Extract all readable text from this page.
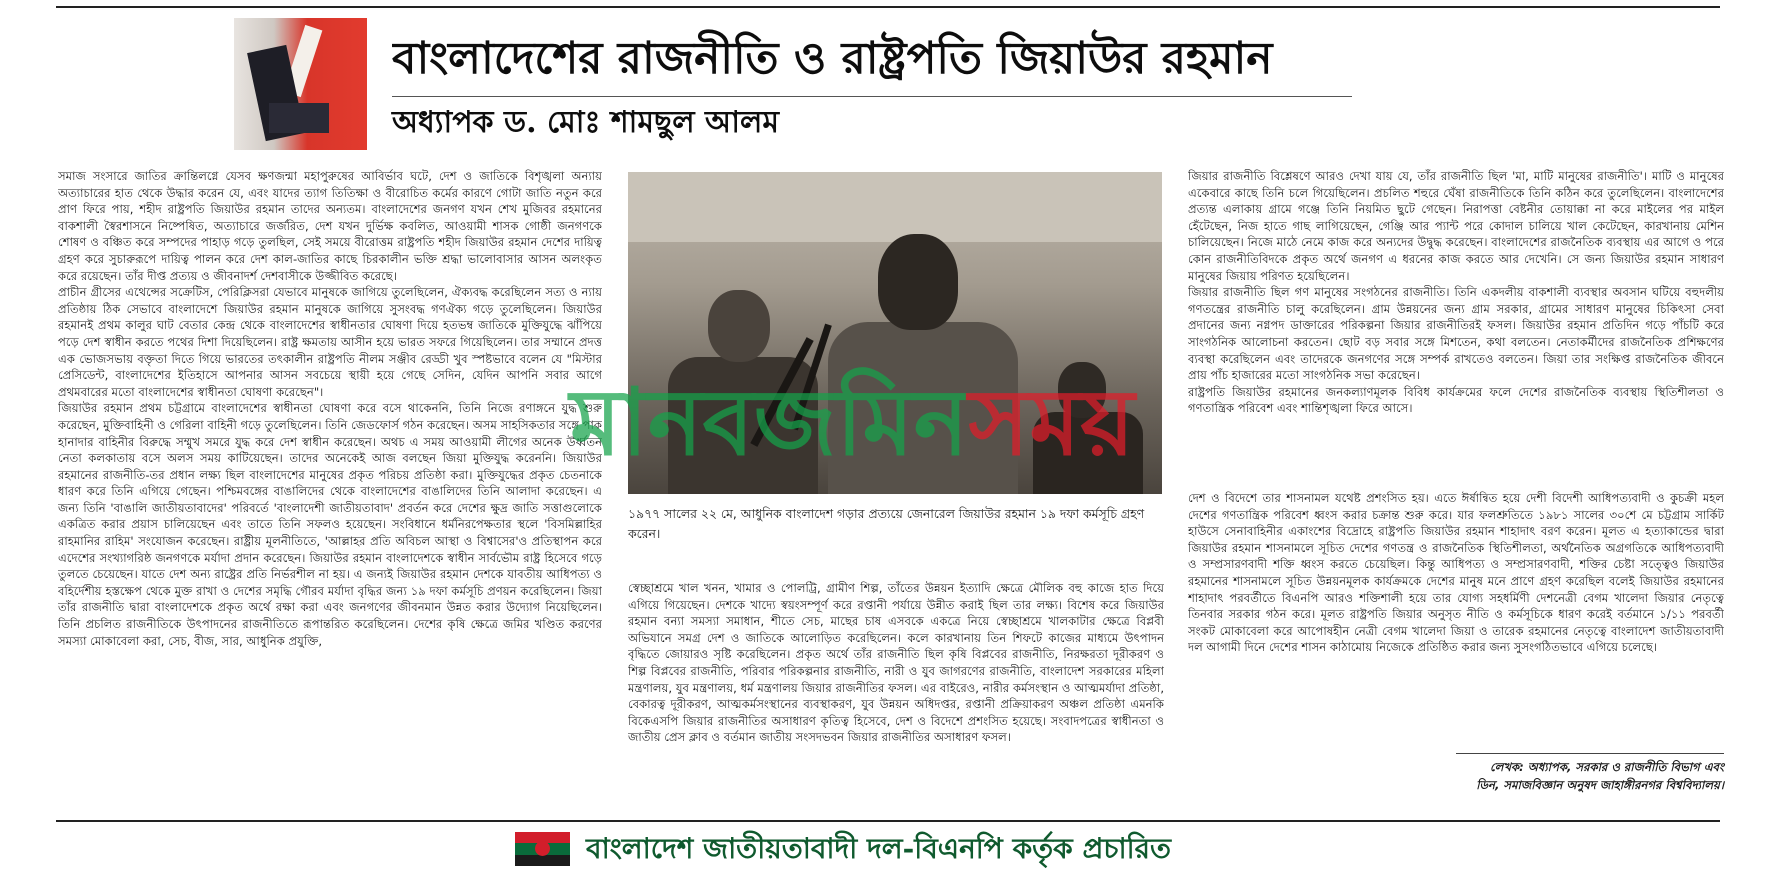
বাংলাদেশের রাজনীতি ও রাষ্ট্রপতি জিয়াউর রহমান
অধ্যাপক ড. মোঃ শামছুল আলম

সমাজ সংসারে জাতির ক্রান্তিলগ্নে যেসব ক্ষণজন্মা মহাপুরুষের আবির্ভাব ঘটে, দেশ ও জাতিকে বিশৃঙ্খলা অন্যায় অত্যাচারের হাত থেকে উদ্ধার করেন যে, এবং যাদের ত্যাগ তিতিক্ষা ও বীরোচিত কর্মের কারণে গোটা জাতি নতুন করে প্রাণ ফিরে পায়, শহীদ রাষ্ট্রপতি জিয়াউর রহমান তাদের অন্যতম। বাংলাদেশের জনগণ যখন শেখ মুজিবর রহমানের বাকশালী স্বৈরশাসনে নিষ্পেষিত, অত্যাচারে জর্জরিত, দেশ যখন দুর্ভিক্ষ কবলিত, আওয়ামী শাসক গোষ্ঠী জনগণকে শোষণ ও বঞ্চিত করে সম্পদের পাহাড় গড়ে তুলছিল, সেই সময়ে বীরোত্তম রাষ্ট্রপতি শহীদ জিয়াউর রহমান দেশের দায়িত্ব গ্রহণ করে সুচারুরূপে দায়িত্ব পালন করে দেশ কাল-জাতির কাছে চিরকালীন ভক্তি শ্রদ্ধা ভালোবাসার আসন অলংকৃত করে রয়েছেন। তাঁর দীপ্ত প্রত্যয় ও জীবনাদর্শ দেশবাসীকে উজ্জীবিত করেছে।

প্রাচীন গ্রীসের এথেন্সের সক্রেটিস, পেরিক্লিসরা যেভাবে মানুষকে জাগিয়ে তুলেছিলেন, ঐক্যবদ্ধ করেছিলেন সত্য ও ন্যায় প্রতিষ্ঠায় ঠিক সেভাবে বাংলাদেশে জিয়াউর রহমান মানুষকে জাগিয়ে সুসংবদ্ধ গণঐক্য গড়ে তুলেছিলেন। জিয়াউর রহমানই প্রথম কালুর ঘাট বেতার কেন্দ্র থেকে বাংলাদেশের স্বাধীনতার ঘোষণা দিয়ে হতভম্ব জাতিকে মুক্তিযুদ্ধে ঝাঁপিয়ে পড়ে দেশ স্বাধীন করতে পথের দিশা দিয়েছিলেন। রাষ্ট্র ক্ষমতায় আসীন হয়ে ভারত সফরে গিয়েছিলেন। তার সম্মানে প্রদত্ত এক ভোজসভায় বক্তৃতা দিতে গিয়ে ভারতের তৎকালীন রাষ্ট্রপতি নীলম সঞ্জীব রেড্ডী খুব স্পষ্টভাবে বলেন যে "মিস্টার প্রেসিডেন্ট, বাংলাদেশের ইতিহাসে আপনার আসন সবচেয়ে স্থায়ী হয়ে গেছে সেদিন, যেদিন আপনি সবার আগে প্রথমবারের মতো বাংলাদেশের স্বাধীনতা ঘোষণা করেছেন"।

জিয়াউর রহমান প্রথম চট্টগ্রামে বাংলাদেশের স্বাধীনতা ঘোষণা করে বসে থাকেননি, তিনি নিজে রণাঙ্গনে যুদ্ধ শুরু করেছেন, মুক্তিবাহিনী ও গেরিলা বাহিনী গড়ে তুলেছিলেন। তিনি জেডফোর্স গঠন করেছেন। অসম সাহসিকতার সঙ্গে পাক হানাদার বাহিনীর বিরুদ্ধে সম্মুখ সমরে যুদ্ধ করে দেশ স্বাধীন করেছেন। অথচ এ সময় আওয়ামী লীগের অনেক উর্ধ্বতন নেতা কলকাতায় বসে অলস সময় কাটিয়েছেন। তাদের অনেকেই আজ বলছেন জিয়া মুক্তিযুদ্ধ করেননি। জিয়াউর রহমানের রাজনীতি-তর প্রধান লক্ষ্য ছিল বাংলাদেশের মানুষের প্রকৃত পরিচয় প্রতিষ্ঠা করা। মুক্তিযুদ্ধের প্রকৃত চেতনাকে ধারণ করে তিনি এগিয়ে গেছেন। পশ্চিমবঙ্গের বাঙালিদের থেকে বাংলাদেশের বাঙালিদের তিনি আলাদা করেছেন। এ জন্য তিনি 'বাঙালি জাতীয়তাবাদের' পরিবর্তে 'বাংলাদেশী জাতীয়তাবাদ' প্রবর্তন করে দেশের ক্ষুদ্র জাতি সত্তাগুলোকে একত্রিত করার প্রয়াস চালিয়েছেন এবং তাতে তিনি সফলও হয়েছেন। সংবিধানে ধর্মনিরপেক্ষতার স্থলে 'বিসমিল্লাহির রাহমানির রাহিম' সংযোজন করেছেন। রাষ্ট্রীয় মূলনীতিতে, 'আল্লাহর প্রতি অবিচল আস্থা ও বিশ্বাসের'ও প্রতিস্থাপন করে এদেশের সংখ্যাগরিষ্ঠ জনগণকে মর্যাদা প্রদান করেছেন। জিয়াউর রহমান বাংলাদেশকে স্বাধীন সার্বভৌম রাষ্ট্র হিসেবে গড়ে তুলতে চেয়েছেন। যাতে দেশ অন্য রাষ্ট্রের প্রতি নির্ভরশীল না হয়। এ জন্যই জিয়াউর রহমান দেশকে যাবতীয় আধিপত্য ও বহির্দেশীয় হস্তক্ষেপ থেকে মুক্ত রাখা ও দেশের সমৃদ্ধি গৌরব মর্যাদা বৃদ্ধির জন্য ১৯ দফা কর্মসূচি প্রণয়ন করেছিলেন। জিয়া তাঁর রাজনীতি দ্বারা বাংলাদেশকে প্রকৃত অর্থে রক্ষা করা এবং জনগণের জীবনমান উন্নত করার উদ্যোগ নিয়েছিলেন। তিনি প্রচলিত রাজনীতিকে উৎপাদনের রাজনীতিতে রূপান্তরিত করেছিলেন। দেশের কৃষি ক্ষেত্রে জমির খণ্ডিত করণের সমস্যা মোকাবেলা করা, সেচ, বীজ, সার, আধুনিক প্রযুক্তি,

১৯৭৭ সালের ২২ মে, আধুনিক বাংলাদেশ গড়ার প্রত্যয়ে জেনারেল জিয়াউর রহমান ১৯ দফা কর্মসূচি গ্রহণ করেন।

স্বেচ্ছাশ্রমে খাল খনন, খামার ও পোলট্রি, গ্রামীণ শিল্প, তাঁতের উন্নয়ন ইত্যাদি ক্ষেত্রে মৌলিক বহু কাজে হাত দিয়ে এগিয়ে গিয়েছেন। দেশকে খাদ্যে স্বয়ংসম্পূর্ণ করে রপ্তানী পর্যায়ে উন্নীত করাই ছিল তার লক্ষ্য। বিশেষ করে জিয়াউর রহমান বন্যা সমস্যা সমাধান, শীতে সেচ, মাছের চাষ এসবকে একত্রে নিয়ে স্বেচ্ছাশ্রমে খালকাটার ক্ষেত্রে বিপ্লবী অভিযানে সমগ্র দেশ ও জাতিকে আলোড়িত করেছিলেন। কলে কারখানায় তিন শিফটে কাজের মাধ্যমে উৎপাদন বৃদ্ধিতে জোয়ারও সৃষ্টি করেছিলেন। প্রকৃত অর্থে তাঁর রাজনীতি ছিল কৃষি বিপ্লবের রাজনীতি, নিরক্ষরতা দূরীকরণ ও শিল্প বিপ্লবের রাজনীতি, পরিবার পরিকল্পনার রাজনীতি, নারী ও যুব জাগরণের রাজনীতি, বাংলাদেশ সরকারের মহিলা মন্ত্রণালয়, যুব মন্ত্রণালয়, ধর্ম মন্ত্রণালয় জিয়ার রাজনীতির ফসল। এর বাইরেও, নারীর কর্মসংস্থান ও আত্মমর্যাদা প্রতিষ্ঠা, বেকারত্ব দূরীকরণ, আত্মকর্মসংস্থানের ব্যবস্থাকরণ, যুব উন্নয়ন অধিদপ্তর, রপ্তানী প্রক্রিয়াকরণ অঞ্চল প্রতিষ্ঠা এমনকি বিকেএসপি জিয়ার রাজনীতির অসাধারণ কৃতিত্ব হিসেবে, দেশ ও বিদেশে প্রশংসিত হয়েছে। সংবাদপত্রের স্বাধীনতা ও জাতীয় প্রেস ক্লাব ও বর্তমান জাতীয় সংসদভবন জিয়ার রাজনীতির অসাধারণ ফসল।

জিয়ার রাজনীতি বিশ্লেষণে আরও দেখা যায় যে, তাঁর রাজনীতি ছিল 'মা, মাটি মানুষের রাজনীতি'। মাটি ও মানুষের একেবারে কাছে তিনি চলে গিয়েছিলেন। প্রচলিত শহুরে ঘেঁষা রাজনীতিকে তিনি কঠিন করে তুলেছিলেন। বাংলাদেশের প্রত্যন্ত এলাকায় গ্রামে গঞ্জে তিনি নিয়মিত ছুটে গেছেন। নিরাপত্তা বেষ্টনীর তোয়াক্কা না করে মাইলের পর মাইল হেঁটেছেন, নিজ হাতে গাছ লাগিয়েছেন, গেঞ্জি আর প্যান্ট পরে কোদাল চালিয়ে খাল কেটেছেন, কারখানায় মেশিন চালিয়েছেন। নিজে মাঠে নেমে কাজ করে অন্যদের উদ্বুদ্ধ করেছেন। বাংলাদেশের রাজনৈতিক ব্যবস্থায় এর আগে ও পরে কোন রাজনীতিবিদকে প্রকৃত অর্থে জনগণ এ ধরনের কাজ করতে আর দেখেনি। সে জন্য জিয়াউর রহমান সাধারণ মানুষের জিয়ায় পরিণত হয়েছিলেন।

জিয়ার রাজনীতি ছিল গণ মানুষের সংগঠনের রাজনীতি। তিনি একদলীয় বাকশালী ব্যবস্থার অবসান ঘটিয়ে বহুদলীয় গণতন্ত্রের রাজনীতি চালু করেছিলেন। গ্রাম উন্নয়নের জন্য গ্রাম সরকার, গ্রামের সাধারণ মানুষের চিকিৎসা সেবা প্রদানের জন্য নগ্নপদ ডাক্তারের পরিকল্পনা জিয়ার রাজনীতিরই ফসল। জিয়াউর রহমান প্রতিদিন গড়ে পাঁচটি করে সাংগঠনিক আলোচনা করতেন। ছোট বড় সবার সঙ্গে মিশতেন, কথা বলতেন। নেতাকর্মীদের রাজনৈতিক প্রশিক্ষণের ব্যবস্থা করেছিলেন এবং তাদেরকে জনগণের সঙ্গে সম্পর্ক রাখতেও বলতেন। জিয়া তার সংক্ষিপ্ত রাজনৈতিক জীবনে প্রায় পাঁচ হাজারের মতো সাংগঠনিক সভা করেছেন।

রাষ্ট্রপতি জিয়াউর রহমানের জনকল্যাণমূলক বিবিধ কার্যক্রমের ফলে দেশের রাজনৈতিক ব্যবস্থায় স্থিতিশীলতা ও গণতান্ত্রিক পরিবেশ এবং শান্তিশৃঙ্খলা ফিরে আসে।

দেশ ও বিদেশে তার শাসনামল যথেষ্ট প্রশংসিত হয়। এতে ঈর্ষান্বিত হয়ে দেশী বিদেশী আধিপত্যবাদী ও কুচক্রী মহল দেশের গণতান্ত্রিক পরিবেশ ধ্বংস করার চক্রান্ত শুরু করে। যার ফলশ্রুতিতে ১৯৮১ সালের ৩০শে মে চট্টগ্রাম সার্কিট হাউসে সেনাবাহিনীর একাংশের বিদ্রোহে রাষ্ট্রপতি জিয়াউর রহমান শাহাদাৎ বরণ করেন। মূলত এ হত্যাকান্ডের দ্বারা জিয়াউর রহমান শাসনামলে সূচিত দেশের গণতন্ত্র ও রাজনৈতিক স্থিতিশীলতা, অর্থনৈতিক অগ্রগতিকে আধিপত্যবাদী ও সম্প্রসারণবাদী শক্তি ধ্বংস করতে চেয়েছিল। কিন্তু আধিপত্য ও সম্প্রসারণবাদী, শক্তির চেষ্টা সত্ত্বেও জিয়াউর রহমানের শাসনামলে সূচিত উন্নয়নমূলক কার্যক্রমকে দেশের মানুষ মনে প্রাণে গ্রহণ করেছিল বলেই জিয়াউর রহমানের শাহাদাৎ পরবর্তীতে বিএনপি আরও শক্তিশালী হয়ে তার যোগ্য সহধর্মিণী দেশনেত্রী বেগম খালেদা জিয়ার নেতৃত্বে তিনবার সরকার গঠন করে। মূলত রাষ্ট্রপতি জিয়ার অনুসৃত নীতি ও কর্মসূচিকে ধারণ করেই বর্তমানে ১/১১ পরবর্তী সংকট মোকাবেলা করে আপোষহীন নেত্রী বেগম খালেদা জিয়া ও তারেক রহমানের নেতৃত্বে বাংলাদেশ জাতীয়তাবাদী দল আগামী দিনে দেশের শাসন কাঠামোয় নিজেকে প্রতিষ্ঠিত করার জন্য সুসংগঠিতভাবে এগিয়ে চলেছে।

মানবজমিনসময়
লেখক: অধ্যাপক, সরকার ও রাজনীতি বিভাগ এবং
ডিন, সমাজবিজ্ঞান অনুষদ জাহাঙ্গীরনগর বিশ্ববিদ্যালয়।
বাংলাদেশ জাতীয়তাবাদী দল-বিএনপি কর্তৃক প্রচারিত
